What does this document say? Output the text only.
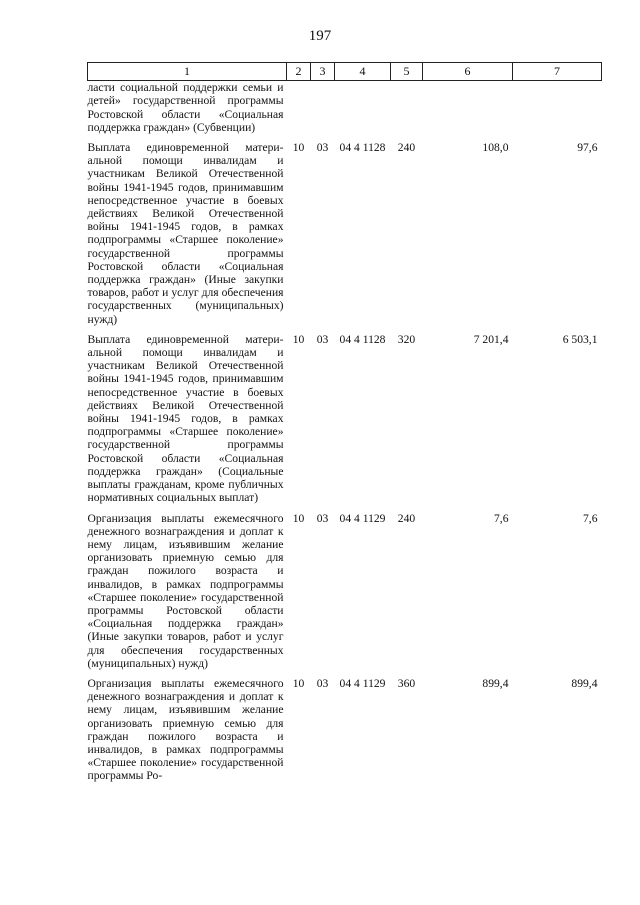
197
1	2	3	4	5	6	7
ласти социальной поддержки семьи и детей» государственной программы Ростовской области «Социальная поддержка граждан» (Субвенции)						
Выплата единовременной материальной помощи инвалидам и участникам Великой Отечественной войны 1941-1945 годов, принимавшим непосредственное участие в боевых действиях Великой Отечественной войны 1941-1945 годов, в рамках подпрограммы «Старшее поколение» государственной программы Ростовской области «Социальная поддержка граждан» (Иные закупки товаров, работ и услуг для обеспечения государственных (муниципальных) нужд)	10	03	04 4 1128	240	108,0	97,6
Выплата единовременной материальной помощи инвалидам и участникам Великой Отечественной войны 1941-1945 годов, принимавшим непосредственное участие в боевых действиях Великой Отечественной войны 1941-1945 годов, в рамках подпрограммы «Старшее поколение» государственной программы Ростовской области «Социальная поддержка граждан» (Социальные выплаты гражданам, кроме публичных нормативных социальных выплат)	10	03	04 4 1128	320	7 201,4	6 503,1
Организация выплаты ежемесячного денежного вознаграждения и доплат к нему лицам, изъявившим желание организовать приемную семью для граждан пожилого возраста и инвалидов, в рамках подпрограммы «Старшее поколение» государственной программы Ростовской области «Социальная поддержка граждан» (Иные закупки товаров, работ и услуг для обеспечения государственных (муниципальных) нужд)	10	03	04 4 1129	240	7,6	7,6
Организация выплаты ежемесячного денежного вознаграждения и доплат к нему лицам, изъявившим желание организовать приемную семью для граждан пожилого возраста и инвалидов, в рамках подпрограммы «Старшее поколение» государственной программы Ро-	10	03	04 4 1129	360	899,4	899,4
